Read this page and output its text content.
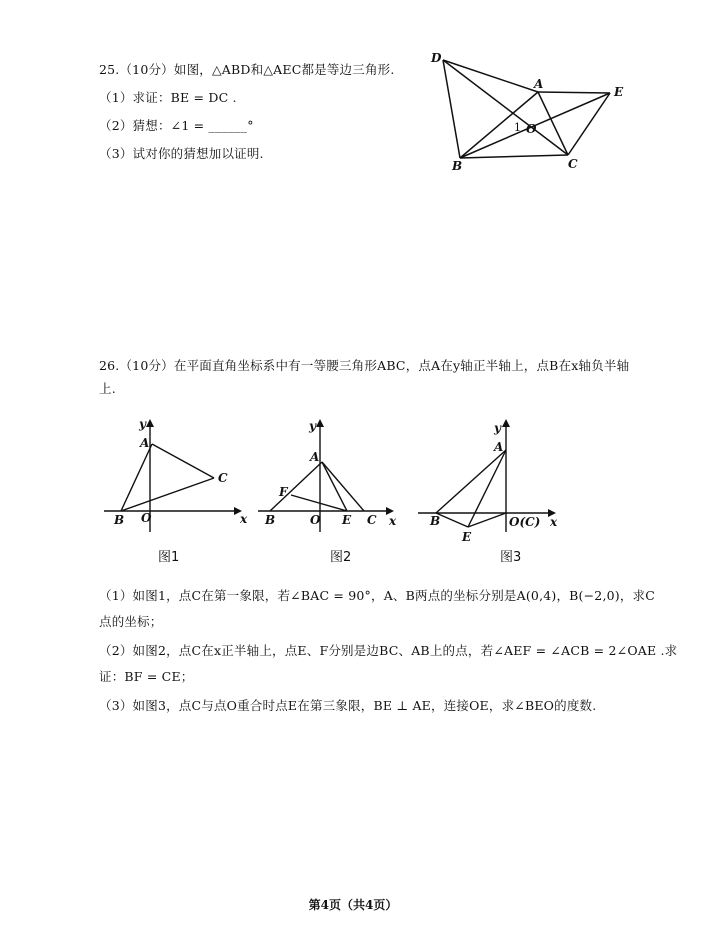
25.（10分）如图，△ABD和△AEC都是等边三角形.
（1）求证：BE = DC .
（2）猜想：∠1 = ______°
（3）试对你的猜想加以证明.
D
A
E
B	C
O
1
26.（10分）在平面直角坐标系中有一等腰三角形ABC，点A在y轴正半轴上，点B在x轴负半轴
上.
y
x
A
C
B O
图1
y
x
A
F
B	O E C
图2
y
x
A
B
E
O(C)
图3
（1）如图1，点C在第一象限，若∠BAC = 90°，A、B两点的坐标分别是A(0,4)，B(−2,0)，求C
点的坐标；
（2）如图2，点C在x正半轴上，点E、F分别是边BC、AB上的点，若∠AEF = ∠ACB = 2∠OAE .求
证：BF = CE；
（3）如图3，点C与点O重合时点E在第三象限，BE ⊥ AE，连接OE，求∠BEO的度数.
第4页（共4页）
